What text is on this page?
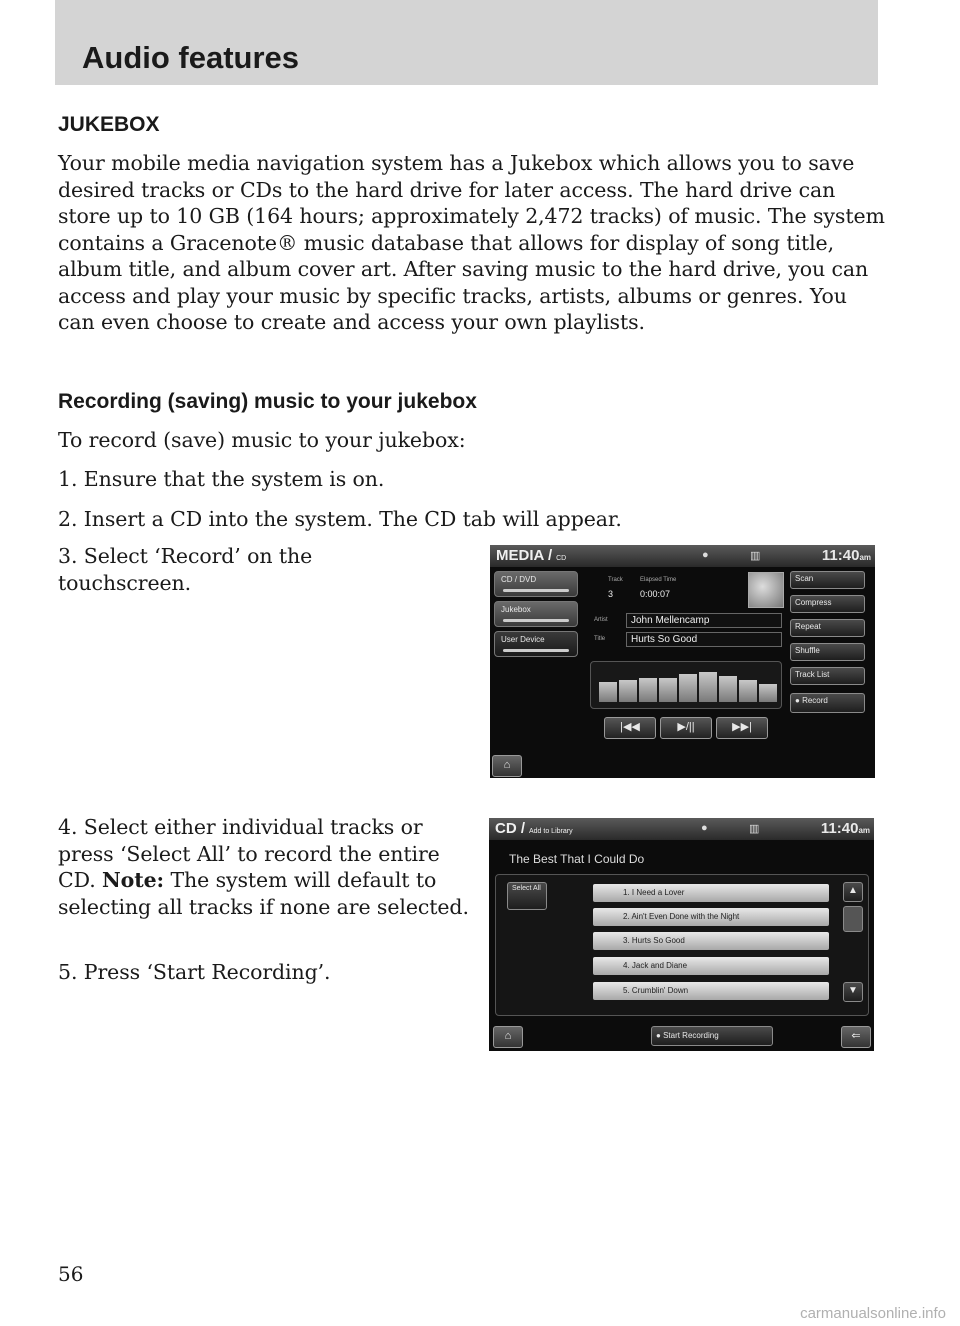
Audio features
JUKEBOX

Your mobile media navigation system has a Jukebox which allows you to save desired tracks or CDs to the hard drive for later access. The hard drive can store up to 10 GB (164 hours; approximately 2,472 tracks) of music. The system contains a Gracenote® music database that allows for display of song title, album title, and album cover art. After saving music to the hard drive, you can access and play your music by specific tracks, artists, albums or genres. You can even choose to create and access your own playlists.

Recording (saving) music to your jukebox
To record (save) music to your jukebox:
1. Ensure that the system is on.
2. Insert a CD into the system. The CD tab will appear.
3. Select ‘Record’ on the touchscreen.

4. Select either individual tracks or press ‘Select All’ to record the entire CD. Note: The system will default to selecting all tracks if none are selected.

5. Press ‘Start Recording’.
MEDIA / CD	●	▥	11:40am
CD / DVD
Jukebox
User Device
Track	Elapsed Time
3	0:00:07
Artist	John Mellencamp
Title	Hurts So Good
|◀◀	▶/||	▶▶|
Scan
Compress
Repeat
Shuffle
Track List
● Record
⌂
CD / Add to Library	●	▥	11:40am
The Best That I Could Do
Select All	1. I Need a Lover
2. Ain't Even Done with the Night
3. Hurts So Good
4. Jack and Diane
5. Crumblin' Down
▲
▼
⌂	● Start Recording	⇐
56
carmanualsonline.info
